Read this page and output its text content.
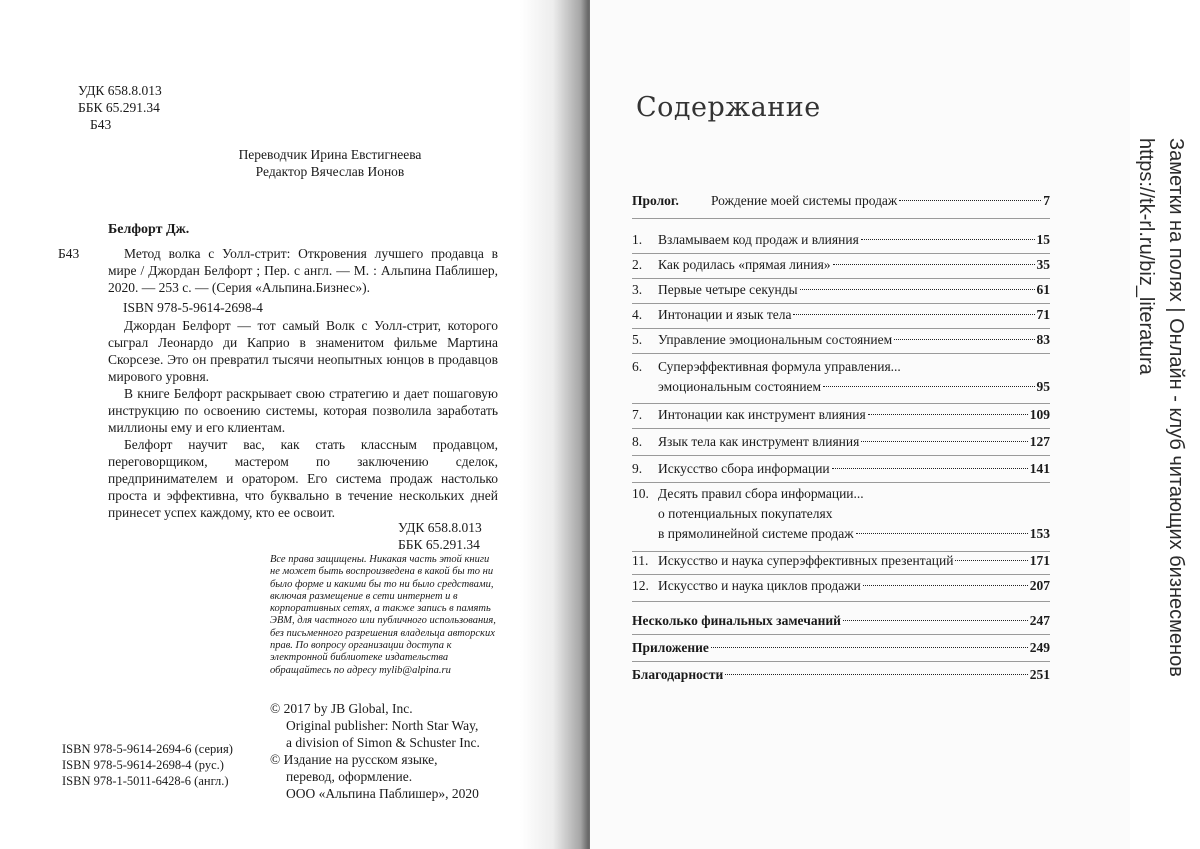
УДК 658.8.013
ББК 65.291.34
Б43
Переводчик Ирина Евстигнеева
Редактор Вячеслав Ионов
Белфорт Дж.
Б43	Метод волка с Уолл-стрит: Откровения лучшего продавца в мире / Джордан Белфорт ; Пер. с англ. — М. : Альпина Паблишер, 2020. — 253 с. — (Серия «Альпина.Бизнес»).
ISBN 978-5-9614-2698-4

Джордан Белфорт — тот самый Волк с Уолл-стрит, которого сыграл Леонардо ди Каприо в знаменитом фильме Мартина Скорсезе. Это он превратил тысячи неопытных юнцов в продавцов мирового уровня.

В книге Белфорт раскрывает свою стратегию и дает пошаговую инструкцию по освоению системы, которая позволила заработать миллионы ему и его клиентам.

Белфорт научит вас, как стать классным продавцом, переговорщиком, мастером по заключению сделок, предпринимателем и оратором. Его система продаж настолько проста и эффективна, что буквально в течение нескольких дней принесет успех каждому, кто ее освоит.

УДК 658.8.013
ББК 65.291.34
Все права защищены. Никакая часть этой книги не может быть воспроизведена в какой бы то ни было форме и какими бы то ни было средствами, включая размещение в сети интернет и в корпоративных сетях, а также запись в память ЭВМ, для частного или публичного использования, без письменного разрешения владельца авторских прав. По вопросу организации доступа к электронной библиотеке издательства обращайтесь по адресу mylib@alpina.ru
© 2017 by JB Global, Inc.
Original publisher: North Star Way,
a division of Simon & Schuster Inc.
© Издание на русском языке,
перевод, оформление.
ООО «Альпина Паблишер», 2020
ISBN 978-5-9614-2694-6 (серия)
ISBN 978-5-9614-2698-4 (рус.)
ISBN 978-1-5011-6428-6 (англ.)
Содержание
Пролог. Рождение моей системы продаж	7
1. Взламываем код продаж и влияния	15
2. Как родилась «прямая линия»	35
3. Первые четыре секунды	61
4. Интонации и язык тела	71
5. Управление эмоциональным состоянием	83
6. Суперэффективная формула управления...
эмоциональным состоянием	95
7. Интонации как инструмент влияния	109
8. Язык тела как инструмент влияния	127
9. Искусство сбора информации	141
10. Десять правил сбора информации...
о потенциальных покупателях
в прямолинейной системе продаж	153
11. Искусство и наука суперэффективных презентаций	171
12. Искусство и наука циклов продажи	207
Несколько финальных замечаний	247
Приложение	249
Благодарности	251	Заметки на полях | Онлайн - клуб читающих бизнесменов
https://tk-rl.ru/biz_literatura
